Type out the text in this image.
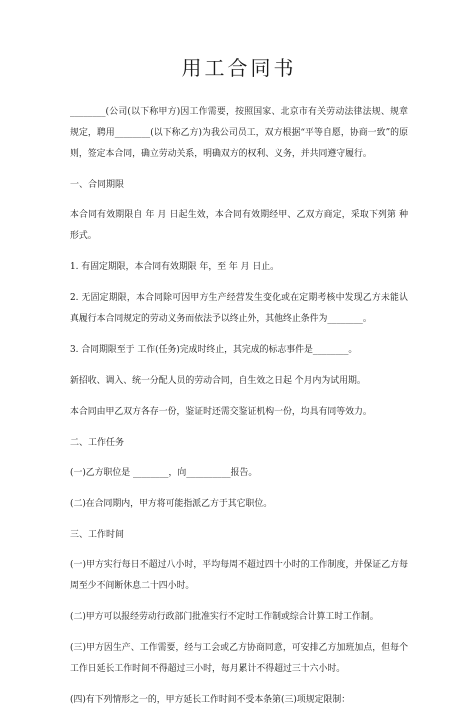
用工合同书

________(公司(以下称甲方)因工作需要，按照国家、北京市有关劳动法律法规、规章规定，聘用________(以下称乙方)为我公司员工，双方根据“平等自愿，协商一致”的原则，签定本合同，确立劳动关系，明确双方的权利、义务，并共同遵守履行。

一、合同期限

本合同有效期限自 年 月 日起生效，本合同有效期经甲、乙双方商定，采取下列第 种形式。

1. 有固定期限，本合同有效期限 年，至 年 月 日止。

2. 无固定期限，本合同除可因甲方生产经营发生变化或在定期考核中发现乙方未能认真履行本合同规定的劳动义务而依法予以终止外，其他终止条件为________。

3. 合同期限至于 工作(任务)完成时终止，其完成的标志事件是________。

新招收、调入、统一分配人员的劳动合同，自生效之日起 个月内为试用期。

本合同由甲乙双方各存一份，鉴证时还需交鉴证机构一份，均具有同等效力。

二、工作任务

(一)乙方职位是 ________，向__________报告。

(二)在合同期内，甲方将可能指派乙方于其它职位。

三、工作时间

(一)甲方实行每日不超过八小时，平均每周不超过四十小时的工作制度，并保证乙方每周至少不间断休息二十四小时。

(二)甲方可以报经劳动行政部门批准实行不定时工作制或综合计算工时工作制。

(三)甲方因生产、工作需要，经与工会或乙方协商同意，可安排乙方加班加点，但每个工作日延长工作时间不得超过三小时，每月累计不得超过三十六小时。

(四)有下列情形之一的，甲方延长工作时间不受本条第(三)项规定限制：
